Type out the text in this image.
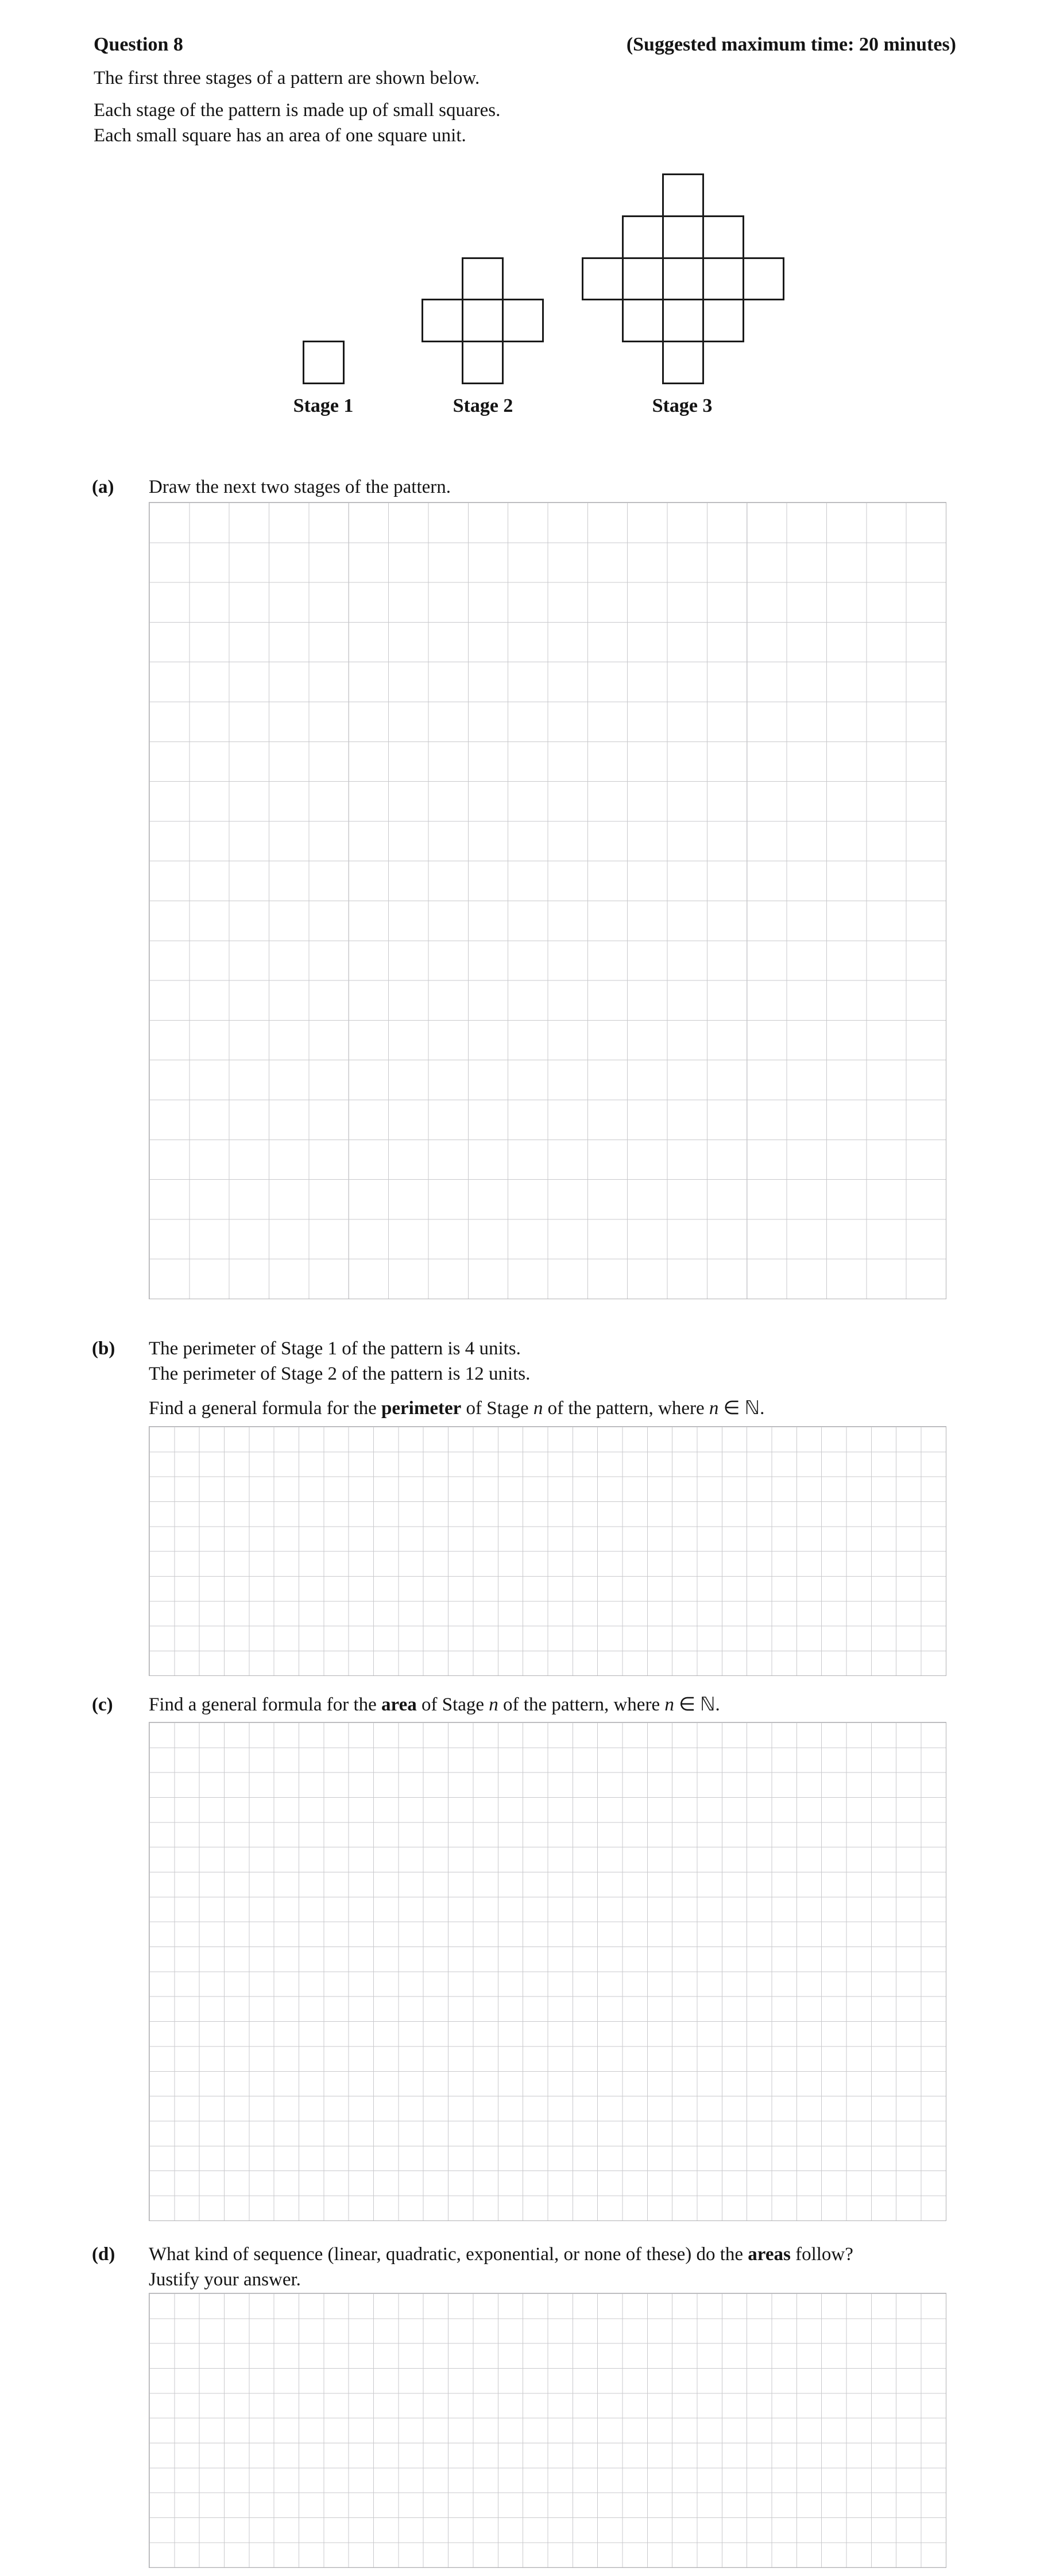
Question 8	(Suggested maximum time: 20 minutes)
The first three stages of a pattern are shown below.
Each stage of the pattern is made up of small squares.
Each small square has an area of one square unit.
Stage 1	Stage 2	Stage 3
(a) Draw the next two stages of the pattern.
(b) The perimeter of Stage 1 of the pattern is 4 units.
The perimeter of Stage 2 of the pattern is 12 units.
Find a general formula for the perimeter of Stage n of the pattern, where n ∈ ℕ.
(c) Find a general formula for the area of Stage n of the pattern, where n ∈ ℕ.
(d) What kind of sequence (linear, quadratic, exponential, or none of these) do the areas follow?
Justify your answer.
